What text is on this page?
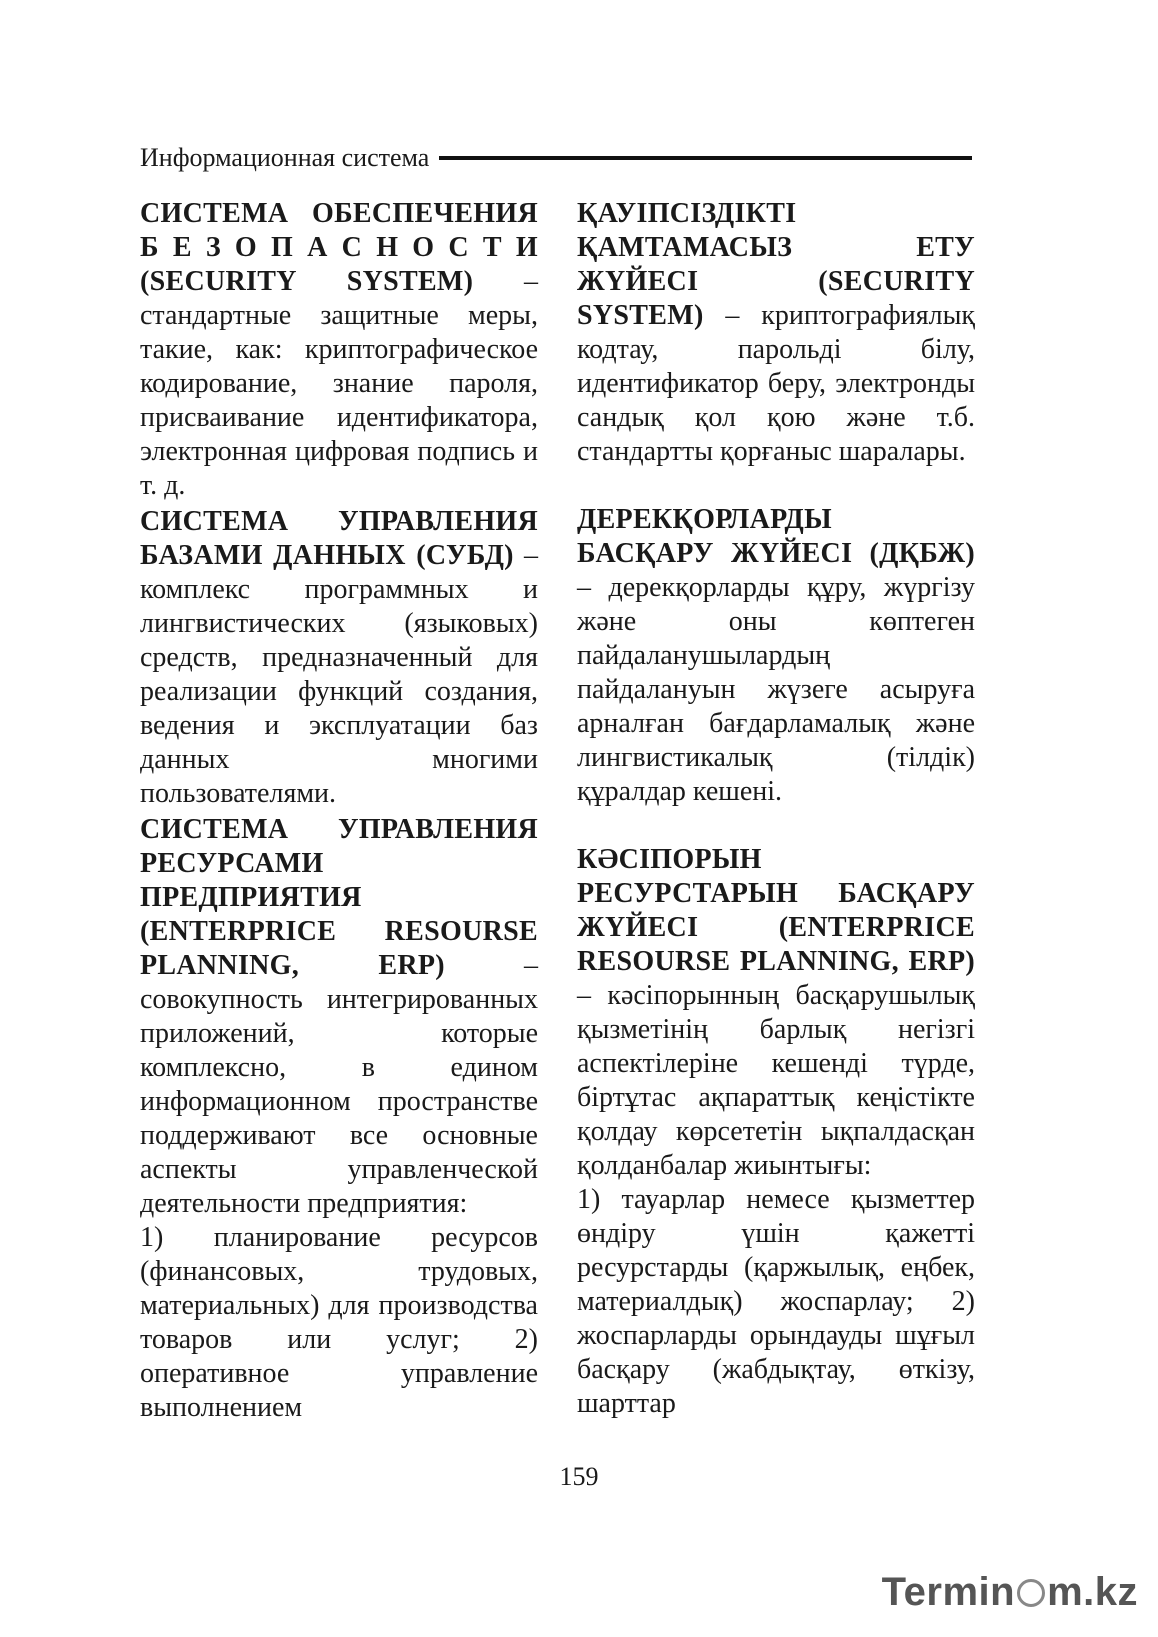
Информационная система

СИСТЕМА ОБЕСПЕЧЕНИЯ Б Е З О П А С Н О С Т И (SECURITY SYSTEM) – стандартные защитные меры, такие, как: криптографическое кодирование, знание пароля, присваивание идентификатора, электронная цифровая подпись и т. д.

СИСТЕМА УПРАВЛЕНИЯ БАЗАМИ ДАННЫХ (СУБД) – комплекс программных и лингвистических (языковых) средств, предназначенный для реализации функций создания, ведения и эксплуатации баз данных многими пользователями.

СИСТЕМА УПРАВЛЕНИЯ РЕСУРСАМИ ПРЕДПРИЯТИЯ (ENTERPRICE RESOURSE PLANNING, ERP) – совокупность интегрированных приложений, которые комплексно, в едином информационном пространстве поддерживают все основные аспекты управленческой деятельности предприятия:

1) планирование ресурсов (финансовых, трудовых, материальных) для производства товаров или услуг; 2) оперативное управление выполнением

ҚАУІПСІЗДІКТІ ҚАМТАМАСЫЗ ЕТУ ЖҮЙЕСІ (SECURITY SYSTEM) – криптографиялық кодтау, парольді білу, идентификатор беру, электронды сандық қол қою және т.б. стандартты қорғаныс шаралары.

ДЕРЕКҚОРЛАРДЫ БАСҚАРУ ЖҮЙЕСІ (ДҚБЖ) – дерекқорларды құру, жүргізу және оны көптеген пайдаланушылардың пайдалануын жүзеге асыруға арналған бағдарламалық және лингвистикалық (тілдік) құралдар кешені.

КӘСІПОРЫН РЕСУРСТАРЫН БАСҚАРУ ЖҮЙЕСІ (ENTERPRICE RESOURSE PLANNING, ERP) – кәсіпорынның басқарушылық қызметінің барлық негізгі аспектілеріне кешенді түрде, біртұтас ақпараттық кеңістікте қолдау көрсететін ықпалдасқан қолданбалар жиынтығы:

1) тауарлар немесе қызметтер өндіру үшін қажетті ресурстарды (қаржылық, еңбек, материалдық) жоспарлау; 2) жоспарларды орындауды шұғыл басқару (жабдықтау, өткізу, шарттар

159
Termin m.kz
